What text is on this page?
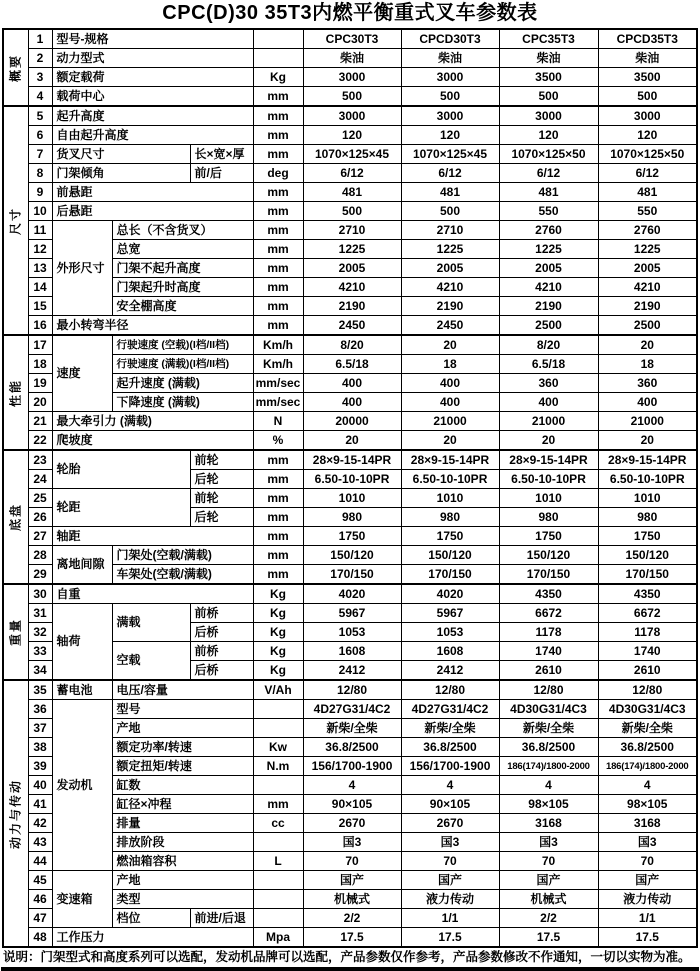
CPC(D)30 35T3内燃平衡重式叉车参数表
概要	1	型号-规格				CPC30T3	CPCD30T3	CPC35T3	CPCD35T3
	2	动力型式				柴油	柴油	柴油	柴油
	3	额定载荷			Kg	3000	3000	3500	3500
	4	载荷中心			mm	500	500	500	500

尺寸	5	起升高度			mm	3000	3000	3000	3000
	6	自由起升高度			mm	120	120	120	120
	7	货叉尺寸		长×宽×厚	mm	1070×125×45	1070×125×45	1070×125×50	1070×125×50
	8	门架倾角		前/后	deg	6/12	6/12	6/12	6/12
	9	前悬距			mm	481	481	481	481
	10	后悬距			mm	500	500	550	550
	11	外形尺寸	总长（不含货叉）		mm	2710	2710	2760	2760
	12		总宽		mm	1225	1225	1225	1225
	13		门架不起升高度		mm	2005	2005	2005	2005
	14		门架起升时高度		mm	4210	4210	4210	4210
	15		安全棚高度		mm	2190	2190	2190	2190
	16	最小转弯半径			mm	2450	2450	2500	2500

性能	17	速度	行驶速度 (空载)(I档/II档)		Km/h	8/20	20	8/20	20
	18		行驶速度 (满载)(I档/II档)		Km/h	6.5/18	18	6.5/18	18
	19		起升速度 (满载)		mm/sec	400	400	360	360
	20		下降速度 (满载)		mm/sec	400	400	400	400
	21	最大牵引力 (满载)			N	20000	21000	21000	21000
	22	爬坡度			%	20	20	20	20

底盘	23	轮胎		前轮	mm	28×9-15-14PR	28×9-15-14PR	28×9-15-14PR	28×9-15-14PR
	24			后轮	mm	6.50-10-10PR	6.50-10-10PR	6.50-10-10PR	6.50-10-10PR
	25	轮距		前轮	mm	1010	1010	1010	1010
	26			后轮	mm	980	980	980	980
	27	轴距			mm	1750	1750	1750	1750
	28	离地间隙	门架处(空载/满载)		mm	150/120	150/120	150/120	150/120
	29		车架处(空载/满载)		mm	170/150	170/150	170/150	170/150

重量	30	自重			Kg	4020	4020	4350	4350
	31	轴荷	满载	前桥	Kg	5967	5967	6672	6672
	32			后桥	Kg	1053	1053	1178	1178
	33		空载	前桥	Kg	1608	1608	1740	1740
	34			后桥	Kg	2412	2412	2610	2610

动力与传动	35	蓄电池	电压/容量		V/Ah	12/80	12/80	12/80	12/80
	36	发动机	型号			4D27G31/4C2	4D27G31/4C2	4D30G31/4C3	4D30G31/4C3
	37		产地			新柴/全柴	新柴/全柴	新柴/全柴	新柴/全柴
	38		额定功率/转速		Kw	36.8/2500	36.8/2500	36.8/2500	36.8/2500
	39		额定扭矩/转速		N.m	156/1700-1900	156/1700-1900	186(174)/1800-2000	186(174)/1800-2000
	40		缸数			4	4	4	4
	41		缸径×冲程		mm	90×105	90×105	98×105	98×105
	42		排量		cc	2670	2670	3168	3168
	43		排放阶段			国3	国3	国3	国3
	44		燃油箱容积		L	70	70	70	70
	45	变速箱	产地			国产	国产	国产	国产
	46		类型			机械式	液力传动	机械式	液力传动
	47		档位	前进/后退		2/2	1/1	2/2	1/1
	48	工作压力			Mpa	17.5	17.5	17.5	17.5
说明：门架型式和高度系列可以选配，发动机品牌可以选配，产品参数仅作参考，产品参数修改不作通知，一切以实物为准。
